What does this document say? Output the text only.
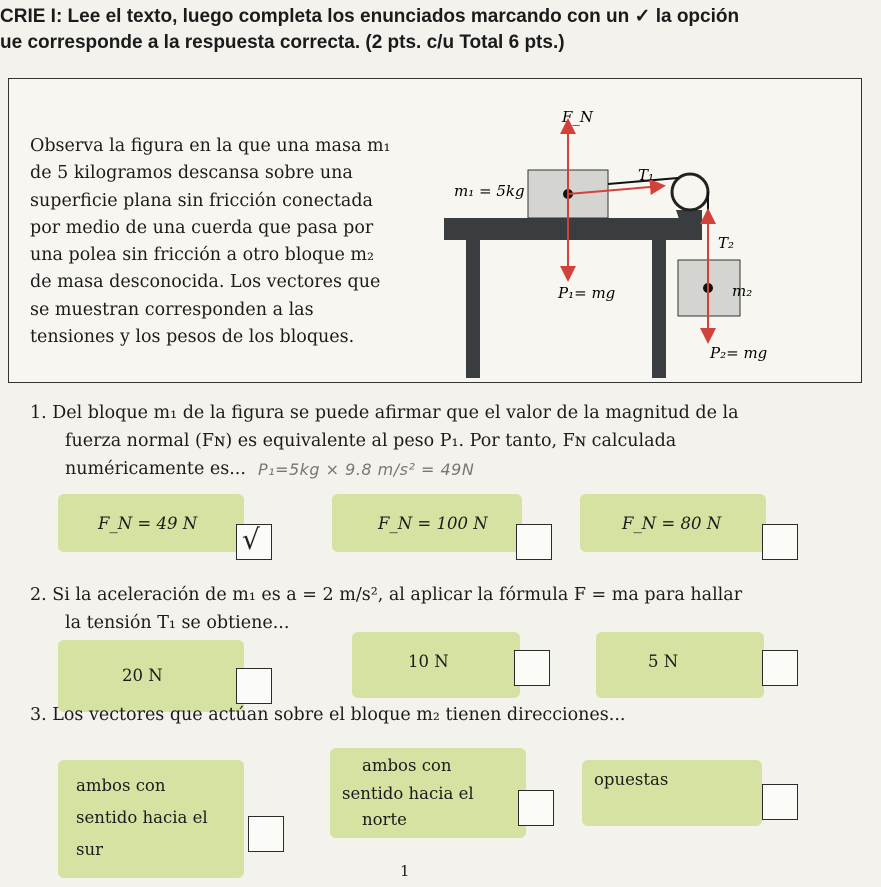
CRIE I: Lee el texto, luego completa los enunciados marcando con un ✓ la opción
ue corresponde a la respuesta correcta. (2 pts. c/u Total 6 pts.)
Observa la figura en la que una masa m₁
de 5 kilogramos descansa sobre una
superficie plana sin fricción conectada
por medio de una cuerda que pasa por
una polea sin fricción a otro bloque m₂
de masa desconocida. Los vectores que
se muestran corresponden a las
tensiones y los pesos de los bloques.
F_N
m₁ = 5kg
T₁
T₂
P₁= mg	m₂
P₂= mg
1. Del bloque m₁ de la figura se puede afirmar que el valor de la magnitud de la
fuerza normal (Fɴ) es equivalente al peso P₁. Por tanto, Fɴ calculada
numéricamente es... P₁=5kg × 9.8 m/s² = 49N
F_N = 49 N √	F_N = 100 N	F_N = 80 N
2. Si la aceleración de m₁ es a = 2 m/s², al aplicar la fórmula F = ma para hallar
la tensión T₁ se obtiene...
20 N
10 N	5 N
3. Los vectores que actúan sobre el bloque m₂ tienen direcciones...
ambos con
sentido hacia el
sur
ambos con
sentido hacia el
norte
opuestas
1
